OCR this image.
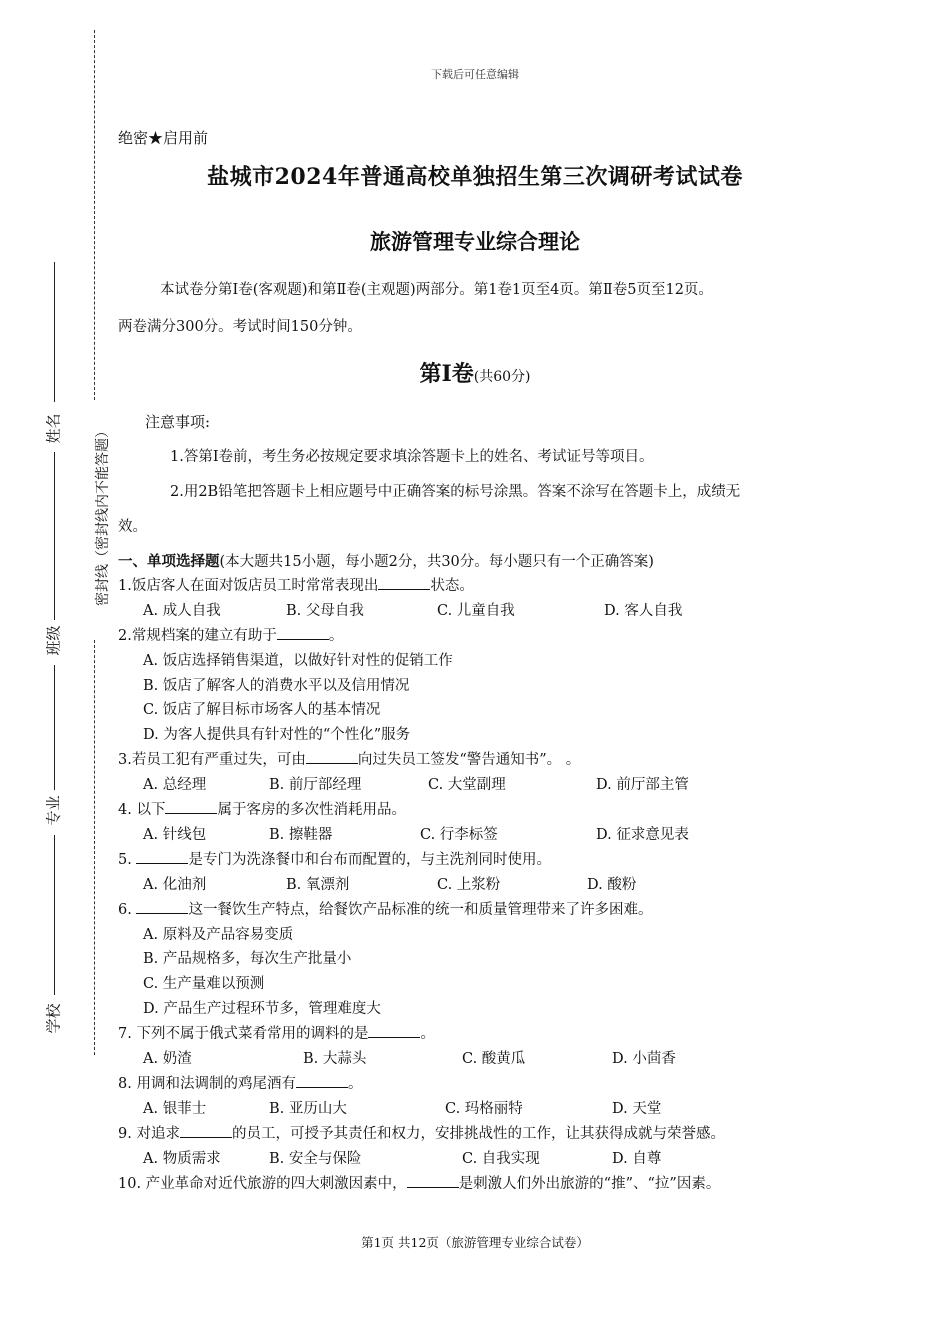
密封线（密封线内不能答题）
姓名
班级
专业
学校
下载后可任意编辑
绝密★启用前
盐城市2024年普通高校单独招生第三次调研考试试卷
旅游管理专业综合理论
本试卷分第Ⅰ卷(客观题)和第Ⅱ卷(主观题)两部分。第1卷1页至4页。第Ⅱ卷5页至12页。
两卷满分300分。考试时间150分钟。
第Ⅰ卷(共60分)
注意事项:
1.答第Ⅰ卷前，考生务必按规定要求填涂答题卡上的姓名、考试证号等项目。
2.用2B铅笔把答题卡上相应题号中正确答案的标号涂黑。答案不涂写在答题卡上，成绩无
效。
一、单项选择题(本大题共15小题，每小题2分，共30分。每小题只有一个正确答案)
1.饭店客人在面对饭店员工时常常表现出	状态。
A. 成人自我	B. 父母自我	C. 儿童自我	D. 客人自我
2.常规档案的建立有助于	。
A. 饭店选择销售渠道，以做好针对性的促销工作
B. 饭店了解客人的消费水平以及信用情况
C. 饭店了解目标市场客人的基本情况
D. 为客人提供具有针对性的“个性化”服务
3.若员工犯有严重过失，可由	向过失员工签发“警告通知书”。 。
A. 总经理	B. 前厅部经理	C. 大堂副理	D. 前厅部主管
4. 以下	属于客房的多次性消耗用品。
A. 针线包	B. 擦鞋器	C. 行李标签	D. 征求意见表
5.	是专门为洗涤餐巾和台布而配置的，与主洗剂同时使用。
A. 化油剂	B. 氧漂剂	C. 上浆粉	D. 酸粉
6.	这一餐饮生产特点，给餐饮产品标准的统一和质量管理带来了许多困难。
A. 原料及产品容易变质
B. 产品规格多，每次生产批量小
C. 生产量难以预测
D. 产品生产过程环节多，管理难度大
7. 下列不属于俄式菜肴常用的调料的是	。
A. 奶渣	B. 大蒜头	C. 酸黄瓜	D. 小茴香
8. 用调和法调制的鸡尾酒有	。
A. 银菲士	B. 亚历山大	C. 玛格丽特	D. 天堂
9. 对追求	的员工，可授予其责任和权力，安排挑战性的工作，让其获得成就与荣誉感。
A. 物质需求	B. 安全与保险	C. 自我实现	D. 自尊
10. 产业革命对近代旅游的四大刺激因素中，	是刺激人们外出旅游的“推”、“拉”因素。
第1页 共12页（旅游管理专业综合试卷）
